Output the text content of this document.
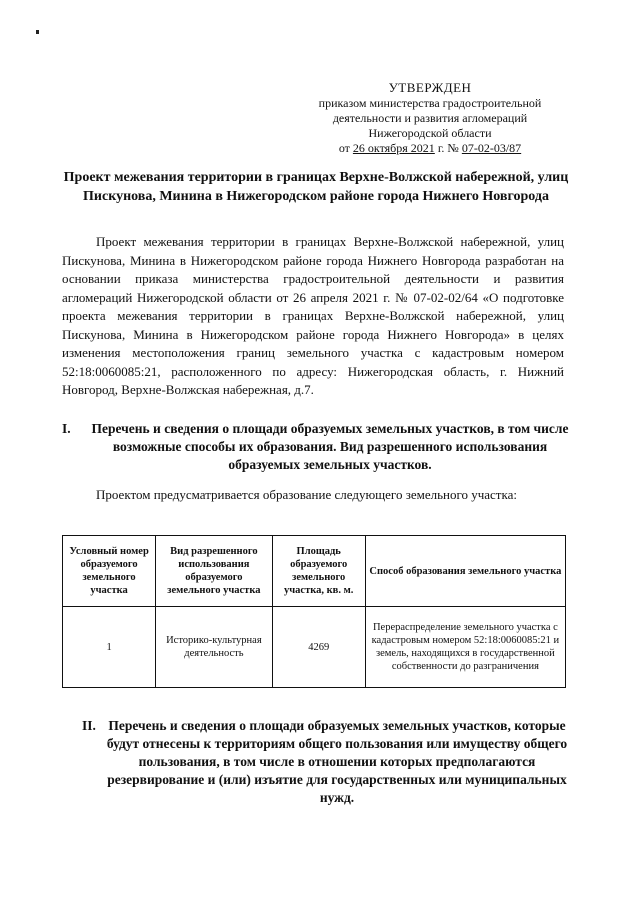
УТВЕРЖДЕН
приказом министерства градостроительной
деятельности и развития агломераций
Нижегородской области
от 26 октября 2021 г. № 07-02-03/87
Проект межевания территории в границах Верхне-Волжской набережной, улиц Пискунова, Минина в Нижегородском районе города Нижнего Новгорода
Проект межевания территории в границах Верхне-Волжской набережной, улиц Пискунова, Минина в Нижегородском районе города Нижнего Новгорода разработан на основании приказа министерства градостроительной деятельности и развития агломераций Нижегородской области от 26 апреля 2021 г. № 07-02-02/64 «О подготовке проекта межевания территории в границах Верхне-Волжской набережной, улиц Пискунова, Минина в Нижегородском районе города Нижнего Новгорода» в целях изменения местоположения границ земельного участка с кадастровым номером 52:18:0060085:21, расположенного по адресу: Нижегородская область, г. Нижний Новгород, Верхне-Волжская набережная, д.7.
I.	Перечень и сведения о площади образуемых земельных участков, в том числе возможные способы их образования. Вид разрешенного использования образуемых земельных участков.
Проектом предусматривается образование следующего земельного участка:
Условный номер образуемого земельного участка	Вид разрешенного использования образуемого земельного участка	Площадь образуемого земельного участка, кв. м.	Способ образования земельного участка
1	Историко-культурная деятельность	4269	Перераспределение земельного участка с кадастровым номером 52:18:0060085:21 и земель, находящихся в государственной собственности до разграничения
II. Перечень и сведения о площади образуемых земельных участков, которые будут отнесены к территориям общего пользования или имуществу общего пользования, в том числе в отношении которых предполагаются резервирование и (или) изъятие для государственных или муниципальных нужд.
